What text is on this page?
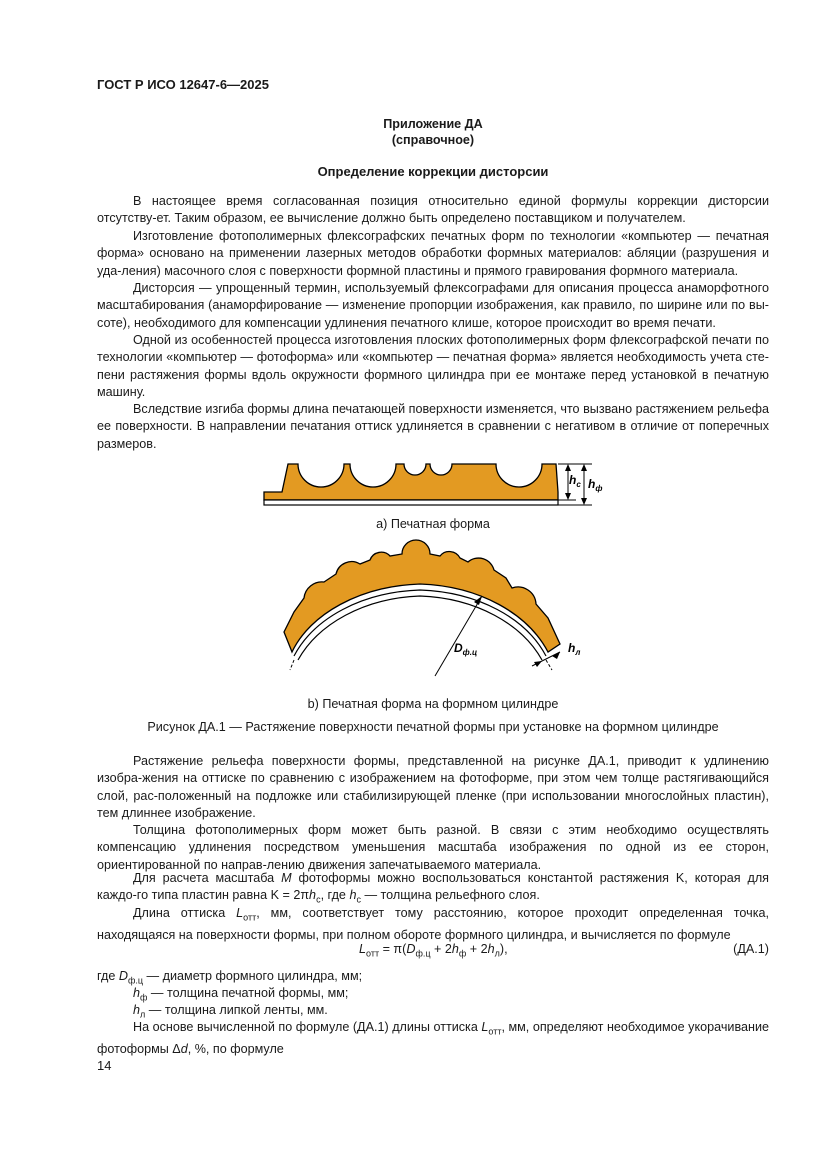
ГОСТ Р ИСО 12647-6—2025
Приложение ДА
(справочное)
Определение коррекции дисторсии

В настоящее время согласованная позиция относительно единой формулы коррекции дисторсии отсутству-ет. Таким образом, ее вычисление должно быть определено поставщиком и получателем.

Изготовление фотополимерных флексографских печатных форм по технологии «компьютер — печатная форма» основано на применении лазерных методов обработки формных материалов: абляции (разрушения и уда-ления) масочного слоя с поверхности формной пластины и прямого гравирования формного материала.

Дисторсия — упрощенный термин, используемый флексографами для описания процесса анаморфотного масштабирования (анаморфирование — изменение пропорции изображения, как правило, по ширине или по вы-соте), необходимого для компенсации удлинения печатного клише, которое происходит во время печати.

Одной из особенностей процесса изготовления плоских фотополимерных форм флексографской печати по технологии «компьютер — фотоформа» или «компьютер — печатная форма» является необходимость учета сте-пени растяжения формы вдоль окружности формного цилиндра при ее монтаже перед установкой в печатную машину.

Вследствие изгиба формы длина печатающей поверхности изменяется, что вызвано растяжением рельефа ее поверхности. В направлении печатания оттиск удлиняется в сравнении с негативом в отличие от поперечных размеров.

$h_с$ $h_ф$
а) Печатная форма
$D_{ф.ц}$	$h_л$
b) Печатная форма на формном цилиндре
Рисунок ДА.1 — Растяжение поверхности печатной формы при установке на формном цилиндре

Растяжение рельефа поверхности формы, представленной на рисунке ДА.1, приводит к удлинению изобра-жения на оттиске по сравнению с изображением на фотоформе, при этом чем толще растягивающийся слой, рас-положенный на подложке или стабилизирующей пленке (при использовании многослойных пластин), тем длиннее изображение.

Толщина фотополимерных форм может быть разной. В связи с этим необходимо осуществлять компенсацию удлинения посредством уменьшения масштаба изображения по одной из ее сторон, ориентированной по направ-лению движения запечатываемого материала.

Для расчета масштаба M фотоформы можно воспользоваться константой растяжения K, которая для каждо-го типа пластин равна $K = 2\pi h_с$, где $h_с$ — толщина рельефного слоя.

Длина оттиска $L_{отт}$, мм, соответствует тому расстоянию, которое проходит определенная точка, находящаяся на поверхности формы, при полном обороте формного цилиндра, и вычисляется по формуле

$L_{отт} = \pi(D_{ф.ц} + 2h_ф + 2h_л)$,	(ДА.1)
где $D_{ф.ц}$ — диаметр формного цилиндра, мм;
$h_ф$ — толщина печатной формы, мм;
$h_л$ — толщина липкой ленты, мм.

На основе вычисленной по формуле (ДА.1) длины оттиска $L_{отт}$, мм, определяют необходимое укорачивание фотоформы Δd, %, по формуле

14
